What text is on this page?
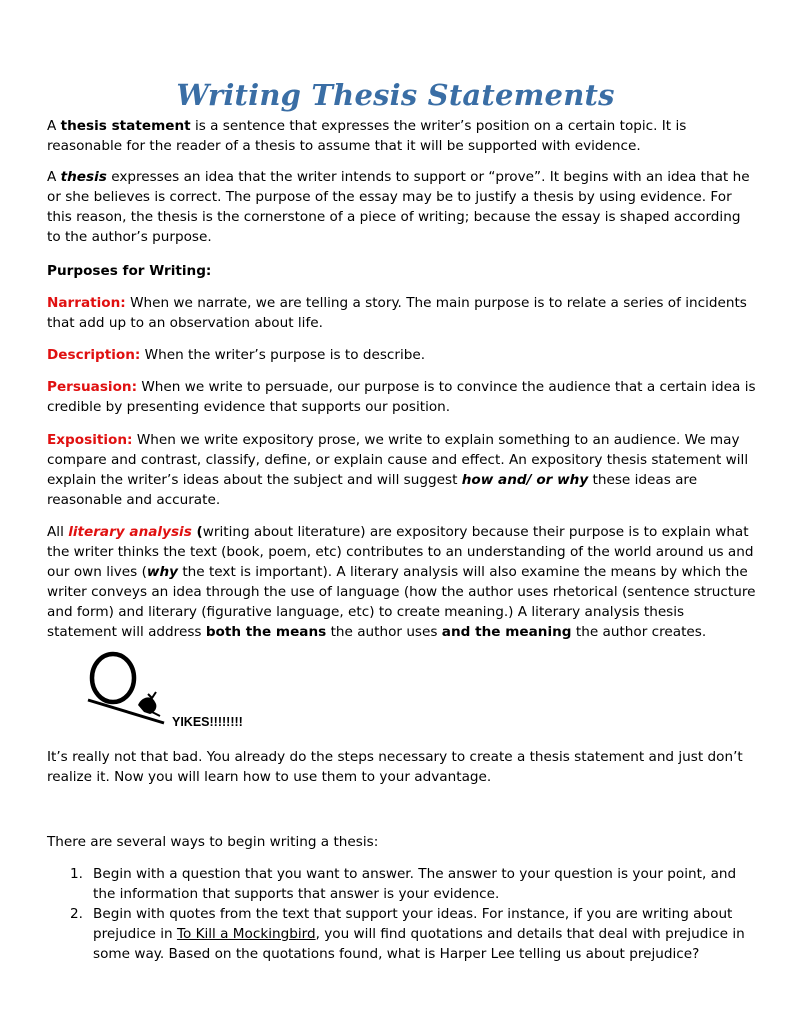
Writing Thesis Statements

A thesis statement is a sentence that expresses the writer’s position on a certain topic. It is reasonable for the reader of a thesis to assume that it will be supported with evidence.

A thesis expresses an idea that the writer intends to support or “prove”. It begins with an idea that he or she believes is correct. The purpose of the essay may be to justify a thesis by using evidence. For this reason, the thesis is the cornerstone of a piece of writing; because the essay is shaped according to the author’s purpose.

Purposes for Writing:

Narration: When we narrate, we are telling a story. The main purpose is to relate a series of incidents that add up to an observation about life.

Description: When the writer’s purpose is to describe.

Persuasion: When we write to persuade, our purpose is to convince the audience that a certain idea is credible by presenting evidence that supports our position.

Exposition: When we write expository prose, we write to explain something to an audience. We may compare and contrast, classify, define, or explain cause and effect. An expository thesis statement will explain the writer’s ideas about the subject and will suggest how and/ or why these ideas are reasonable and accurate.

All literary analysis (writing about literature) are expository because their purpose is to explain what the writer thinks the text (book, poem, etc) contributes to an understanding of the world around us and our own lives (why the text is important). A literary analysis will also examine the means by which the writer conveys an idea through the use of language (how the author uses rhetorical (sentence structure and form) and literary (figurative language, etc) to create meaning.) A literary analysis thesis statement will address both the means the author uses and the meaning the author creates.

YIKES!!!!!!!!

It’s really not that bad. You already do the steps necessary to create a thesis statement and just don’t realize it. Now you will learn how to use them to your advantage.

There are several ways to begin writing a thesis:

1. Begin with a question that you want to answer. The answer to your question is your point, and the information that supports that answer is your evidence.
2. Begin with quotes from the text that support your ideas. For instance, if you are writing about prejudice in To Kill a Mockingbird, you will find quotations and details that deal with prejudice in some way. Based on the quotations found, what is Harper Lee telling us about prejudice?
